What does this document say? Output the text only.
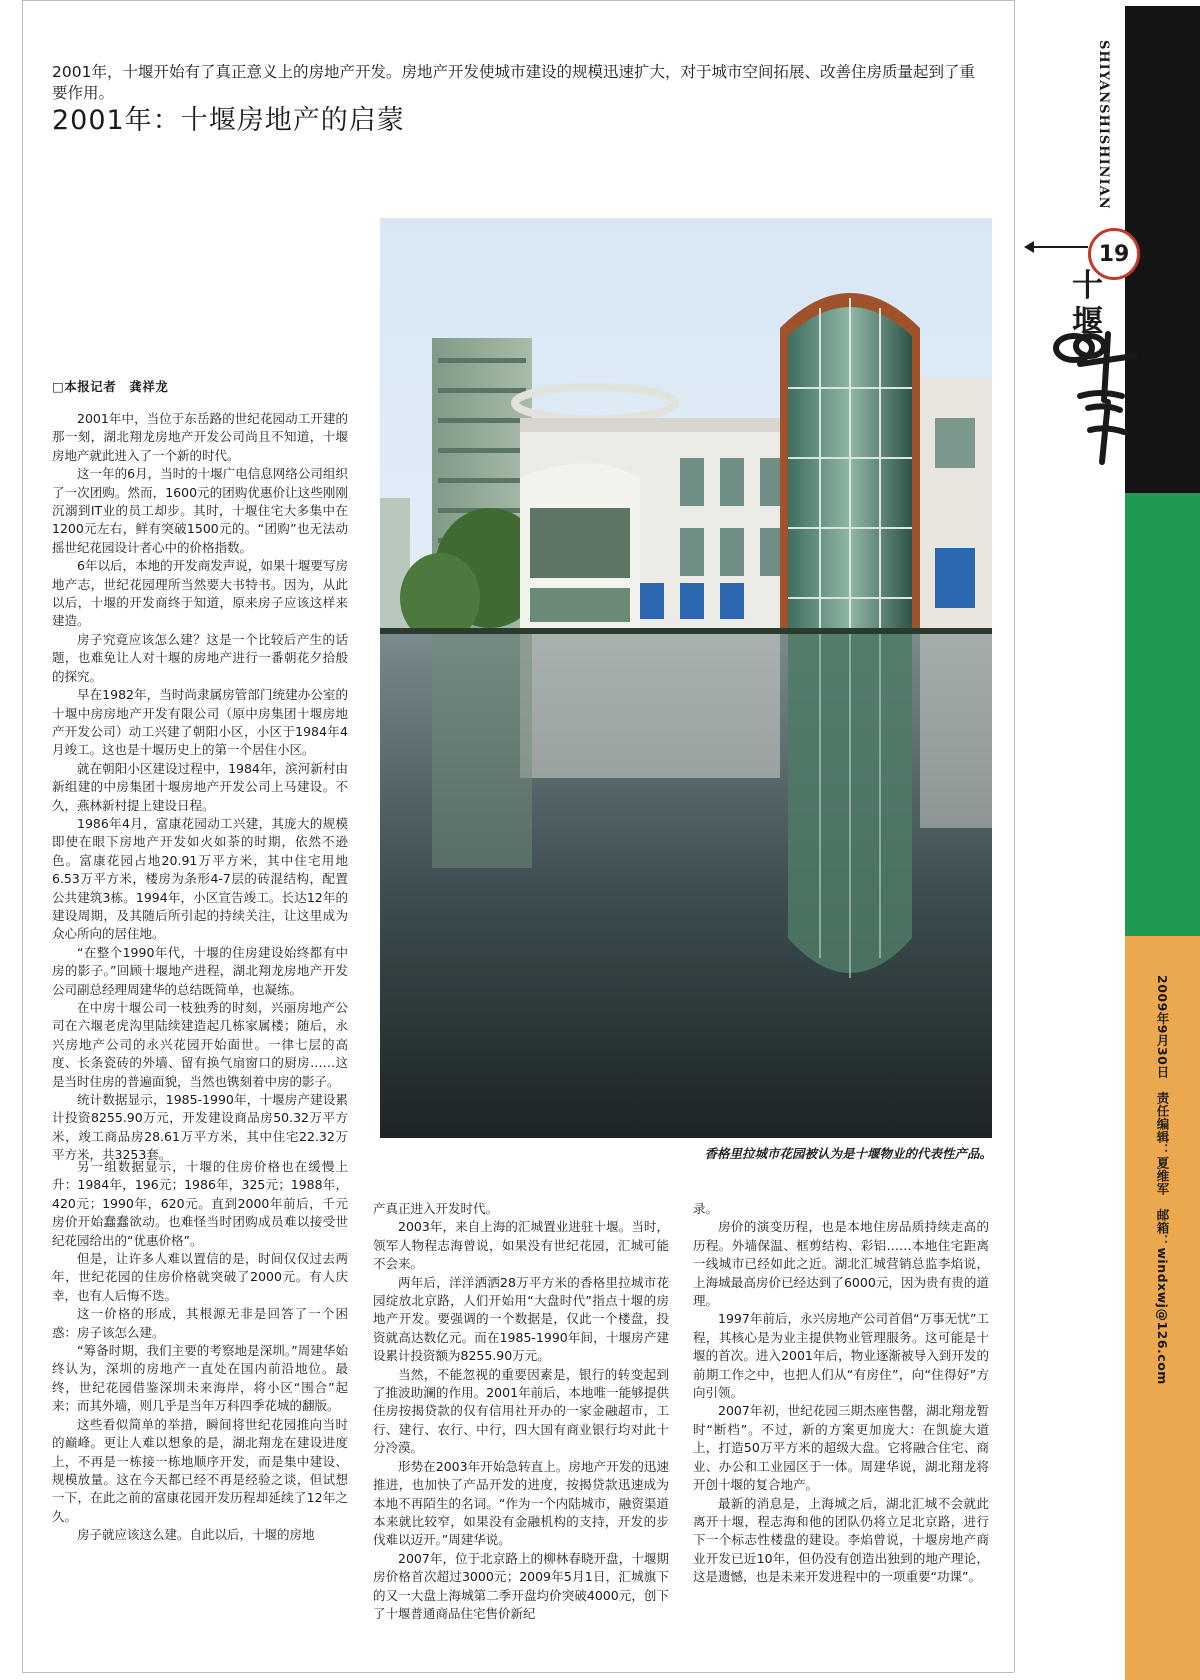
2001年，十堰开始有了真正意义上的房地产开发。房地产开发使城市建设的规模迅速扩大，对于城市空间拓展、改善住房质量起到了重要作用。

2001年：十堰房地产的启蒙
□本报记者　龚祥龙

2001年中，当位于东岳路的世纪花园动工开建的那一刻，湖北翔龙房地产开发公司尚且不知道，十堰房地产就此进入了一个新的时代。

这一年的6月，当时的十堰广电信息网络公司组织了一次团购。然而，1600元的团购优惠价让这些刚刚沉溺到IT业的员工却步。其时，十堰住宅大多集中在1200元左右，鲜有突破1500元的。“团购”也无法动摇世纪花园设计者心中的价格指数。

6年以后，本地的开发商发声说，如果十堰要写房地产志，世纪花园理所当然要大书特书。因为，从此以后，十堰的开发商终于知道，原来房子应该这样来建造。

房子究竟应该怎么建？这是一个比较后产生的话题，也难免让人对十堰的房地产进行一番朝花夕拾般的探究。

早在1982年，当时尚隶属房管部门统建办公室的十堰中房房地产开发有限公司（原中房集团十堰房地产开发公司）动工兴建了朝阳小区，小区于1984年4月竣工。这也是十堰历史上的第一个居住小区。

就在朝阳小区建设过程中，1984年，滨河新村由新组建的中房集团十堰房地产开发公司上马建设。不久，燕林新村提上建设日程。

1986年4月，富康花园动工兴建，其庞大的规模即使在眼下房地产开发如火如荼的时期，依然不逊色。富康花园占地20.91万平方米，其中住宅用地6.53万平方米，楼房为条形4-7层的砖混结构，配置公共建筑3栋。1994年，小区宣告竣工。长达12年的建设周期，及其随后所引起的持续关注，让这里成为众心所向的居住地。

“在整个1990年代，十堰的住房建设始终都有中房的影子。”回顾十堰地产进程，湖北翔龙房地产开发公司副总经理周建华的总结既简单，也凝练。

在中房十堰公司一枝独秀的时刻，兴丽房地产公司在六堰老虎沟里陆续建造起几栋家属楼；随后，永兴房地产公司的永兴花园开始面世。一律七层的高度、长条瓷砖的外墙、留有换气扇窗口的厨房……这是当时住房的普遍面貌，当然也镌刻着中房的影子。

统计数据显示，1985-1990年，十堰房产建设累计投资8255.90万元，开发建设商品房50.32万平方米，竣工商品房28.61万平方米，其中住宅22.32万平方米，共3253套。

另一组数据显示，十堰的住房价格也在缓慢上升：1984年，196元；1986年，325元；1988年，420元；1990年，620元。直到2000年前后，千元房价开始蠢蠢欲动。也难怪当时团购成员难以接受世纪花园给出的“优惠价格”。

但是，让许多人难以置信的是，时间仅仅过去两年，世纪花园的住房价格就突破了2000元。有人庆幸，也有人后悔不迭。

这一价格的形成，其根源无非是回答了一个困惑：房子该怎么建。

“筹备时期，我们主要的考察地是深圳。”周建华始终认为，深圳的房地产一直处在国内前沿地位。最终，世纪花园借鉴深圳未来海岸，将小区“围合”起来；而其外墙，则几乎是当年万科四季花城的翻版。

这些看似简单的举措，瞬间将世纪花园推向当时的巅峰。更让人难以想象的是，湖北翔龙在建设进度上，不再是一栋接一栋地顺序开发，而是集中建设、规模放量。这在今天都已经不再是经验之谈，但试想一下，在此之前的富康花园开发历程却延续了12年之久。

房子就应该这么建。自此以后，十堰的房地

产真正进入开发时代。

2003年，来自上海的汇城置业进驻十堰。当时，领军人物程志海曾说，如果没有世纪花园，汇城可能不会来。

两年后，洋洋洒洒28万平方米的香格里拉城市花园绽放北京路，人们开始用“大盘时代”指点十堰的房地产开发。要强调的一个数据是，仅此一个楼盘，投资就高达数亿元。而在1985-1990年间，十堰房产建设累计投资额为8255.90万元。

当然，不能忽视的重要因素是，银行的转变起到了推波助澜的作用。2001年前后，本地唯一能够提供住房按揭贷款的仅有信用社开办的一家金融超市，工行、建行、农行、中行，四大国有商业银行均对此十分冷漠。

形势在2003年开始急转直上。房地产开发的迅速推进，也加快了产品开发的进度，按揭贷款迅速成为本地不再陌生的名词。“作为一个内陆城市，融资渠道本来就比较窄，如果没有金融机构的支持，开发的步伐难以迈开。”周建华说。

2007年，位于北京路上的柳林春晓开盘，十堰期房价格首次超过3000元；2009年5月1日，汇城旗下的又一大盘上海城第二季开盘均价突破4000元，创下了十堰普通商品住宅售价新纪

录。

房价的演变历程，也是本地住房品质持续走高的历程。外墙保温、框剪结构、彩铝……本地住宅距离一线城市已经如此之近。湖北汇城营销总监李焰说，上海城最高房价已经达到了6000元，因为贵有贵的道理。

1997年前后，永兴房地产公司首倡“万事无忧”工程，其核心是为业主提供物业管理服务。这可能是十堰的首次。进入2001年后，物业逐渐被导入到开发的前期工作之中，也把人们从“有房住”，向“住得好”方向引领。

2007年初，世纪花园三期杰座售罄，湖北翔龙暂时“断档”。不过，新的方案更加庞大：在凯旋大道上，打造50万平方米的超级大盘。它将融合住宅、商业、办公和工业园区于一体。周建华说，湖北翔龙将开创十堰的复合地产。

最新的消息是，上海城之后，湖北汇城不会就此离开十堰，程志海和他的团队仍将立足北京路，进行下一个标志性楼盘的建设。李焰曾说，十堰房地产商业开发已近10年，但仍没有创造出独到的地产理论，这是遗憾，也是未来开发进程中的一项重要“功课”。

香格里拉城市花园被认为是十堰物业的代表性产品。
SHIYANSHISHINIAN
19
十
堰
2009年9月30日　责任编辑：夏维军　邮箱：windxwj@126.com
